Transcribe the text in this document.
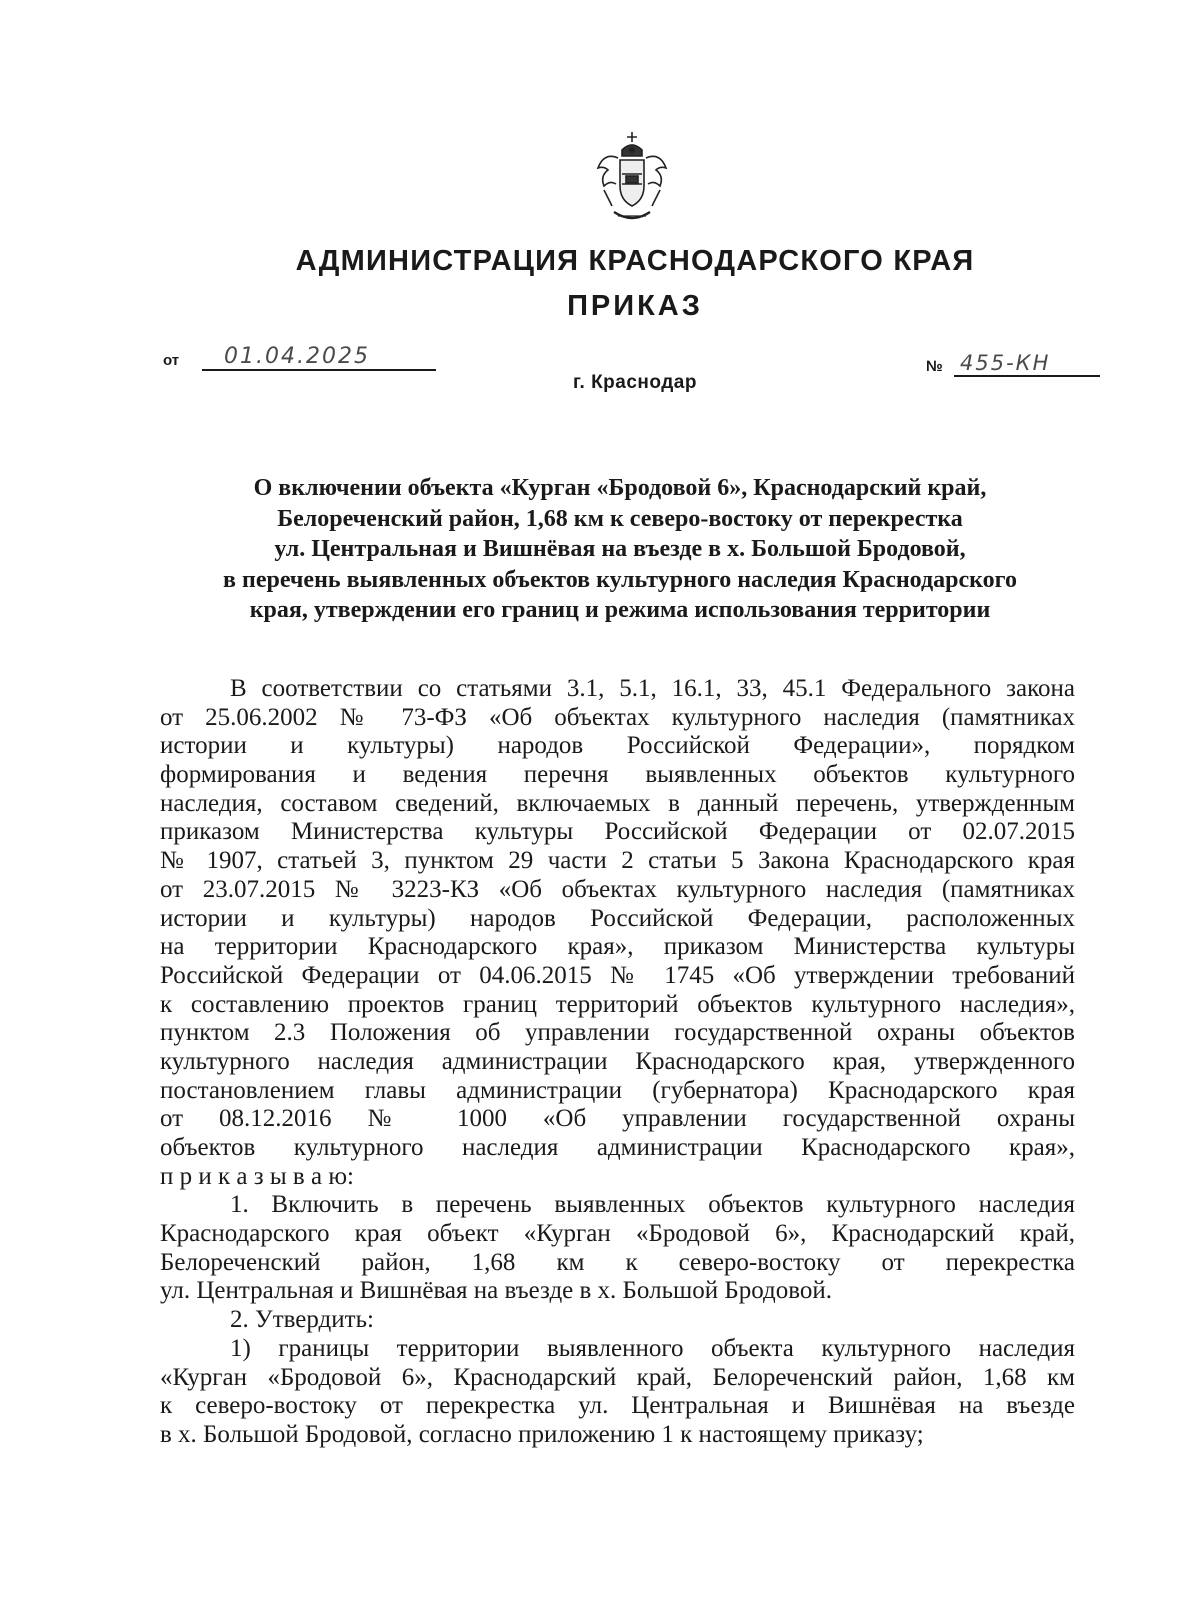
АДМИНИСТРАЦИЯ КРАСНОДАРСКОГО КРАЯ
ПРИКАЗ
от 01.04.2025	№ 455-КН
г. Краснодар
О включении объекта «Курган «Бродовой 6», Краснодарский край,
Белореченский район, 1,68 км к северо-востоку от перекрестка
ул. Центральная и Вишнёвая на въезде в х. Большой Бродовой,
в перечень выявленных объектов культурного наследия Краснодарского
края, утверждении его границ и режима использования территории

В соответствии со статьями 3.1, 5.1, 16.1, 33, 45.1 Федерального закона
от 25.06.2002 № 73-ФЗ «Об объектах культурного наследия (памятниках
истории и культуры) народов Российской Федерации», порядком
формирования и ведения перечня выявленных объектов культурного
наследия, составом сведений, включаемых в данный перечень, утвержденным
приказом Министерства культуры Российской Федерации от 02.07.2015
№ 1907, статьей 3, пунктом 29 части 2 статьи 5 Закона Краснодарского края
от 23.07.2015 № 3223-КЗ «Об объектах культурного наследия (памятниках
истории и культуры) народов Российской Федерации, расположенных
на территории Краснодарского края», приказом Министерства культуры
Российской Федерации от 04.06.2015 № 1745 «Об утверждении требований
к составлению проектов границ территорий объектов культурного наследия»,
пунктом 2.3 Положения об управлении государственной охраны объектов
культурного наследия администрации Краснодарского края, утвержденного
постановлением главы администрации (губернатора) Краснодарского края
от 08.12.2016 № 1000 «Об управлении государственной охраны
объектов культурного наследия администрации Краснодарского края»,
п р и к а з ы в а ю:

1. Включить в перечень выявленных объектов культурного наследия
Краснодарского края объект «Курган «Бродовой 6», Краснодарский край,
Белореченский район, 1,68 км к северо-востоку от перекрестка
ул. Центральная и Вишнёвая на въезде в х. Большой Бродовой.

2. Утвердить:

1) границы территории выявленного объекта культурного наследия
«Курган «Бродовой 6», Краснодарский край, Белореченский район, 1,68 км
к северо-востоку от перекрестка ул. Центральная и Вишнёвая на въезде
в х. Большой Бродовой, согласно приложению 1 к настоящему приказу;
